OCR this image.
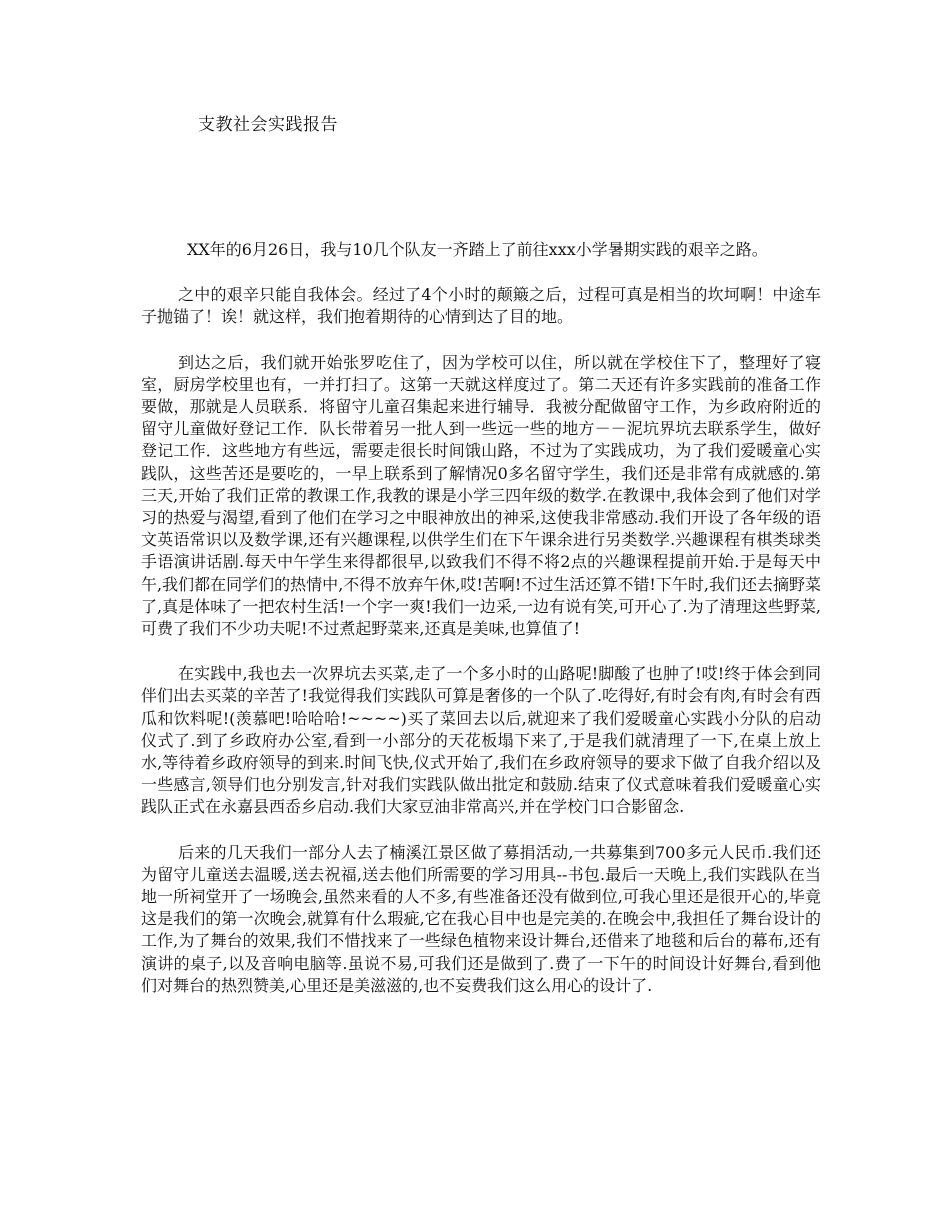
支教社会实践报告

XX年的6月26日，我与10几个队友一齐踏上了前往xxx小学暑期实践的艰辛之路。

之中的艰辛只能自我体会。经过了4个小时的颠簸之后，过程可真是相当的坎坷啊！中途车子抛锚了！诶！就这样，我们抱着期待的心情到达了目的地。

到达之后，我们就开始张罗吃住了，因为学校可以住，所以就在学校住下了，整理好了寝室，厨房学校里也有，一并打扫了。这第一天就这样度过了。第二天还有许多实践前的准备工作要做，那就是人员联系．将留守儿童召集起来进行辅导．我被分配做留守工作，为乡政府附近的留守儿童做好登记工作．队长带着另一批人到一些远一些的地方－－泥坑界坑去联系学生，做好登记工作．这些地方有些远，需要走很长时间饿山路，不过为了实践成功，为了我们爱暖童心实践队，这些苦还是要吃的，一早上联系到了解情况0多名留守学生，我们还是非常有成就感的.第三天,开始了我们正常的教课工作,我教的课是小学三四年级的数学.在教课中,我体会到了他们对学习的热爱与渴望,看到了他们在学习之中眼神放出的神采,这使我非常感动.我们开设了各年级的语文英语常识以及数学课,还有兴趣课程,以供学生们在下午课余进行另类数学.兴趣课程有棋类球类手语演讲话剧.每天中午学生来得都很早,以致我们不得不将2点的兴趣课程提前开始.于是每天中午,我们都在同学们的热情中,不得不放弃午休,哎!苦啊!不过生活还算不错!下午时,我们还去摘野菜了,真是体味了一把农村生活!一个字一爽!我们一边采,一边有说有笑,可开心了.为了清理这些野菜,可费了我们不少功夫呢!不过煮起野菜来,还真是美味,也算值了!

在实践中,我也去一次界坑去买菜,走了一个多小时的山路呢!脚酸了也肿了!哎!终于体会到同伴们出去买菜的辛苦了!我觉得我们实践队可算是奢侈的一个队了.吃得好,有时会有肉,有时会有西瓜和饮料呢!(羡慕吧!哈哈哈!~~~~)买了菜回去以后,就迎来了我们爱暖童心实践小分队的启动仪式了.到了乡政府办公室,看到一小部分的天花板塌下来了,于是我们就清理了一下,在桌上放上水,等待着乡政府领导的到来.时间飞快,仪式开始了,我们在乡政府领导的要求下做了自我介绍以及一些感言,领导们也分别发言,针对我们实践队做出批定和鼓励.结束了仪式意味着我们爱暖童心实践队正式在永嘉县西岙乡启动.我们大家豆油非常高兴,并在学校门口合影留念.

后来的几天我们一部分人去了楠溪江景区做了募捐活动,一共募集到700多元人民币.我们还为留守儿童送去温暖,送去祝福,送去他们所需要的学习用具--书包.最后一天晚上,我们实践队在当地一所祠堂开了一场晚会,虽然来看的人不多,有些准备还没有做到位,可我心里还是很开心的,毕竟这是我们的第一次晚会,就算有什么瑕疵,它在我心目中也是完美的.在晚会中,我担任了舞台设计的工作,为了舞台的效果,我们不惜找来了一些绿色植物来设计舞台,还借来了地毯和后台的幕布,还有演讲的桌子,以及音响电脑等.虽说不易,可我们还是做到了.费了一下午的时间设计好舞台,看到他们对舞台的热烈赞美,心里还是美滋滋的,也不妄费我们这么用心的设计了.
